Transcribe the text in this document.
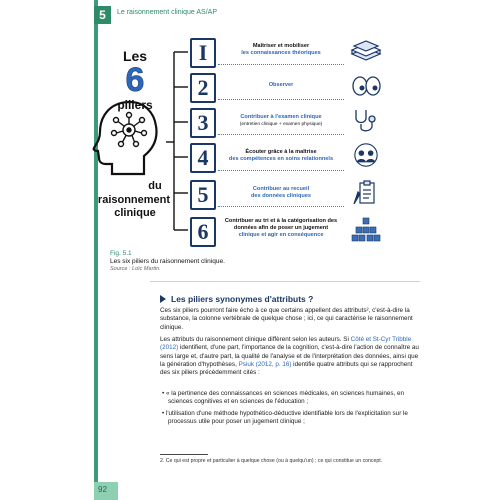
5	Le raisonnement clinique AS/AP
Les
6
piliers
du
raisonnement
clinique
I	Maîtriser et mobiliser
les connaissances théoriques
2	Observer
3	Contribuer à l'examen clinique
(entretien clinique + examen physique)
4	Écouter grâce à la maîtrise
des compétences en soins relationnels
5	Contribuer au recueil
des données cliniques
6	Contribuer au tri et à la catégorisation des
données afin de poser un jugement
clinique et agir en conséquence
Fig. 5.1
Les six piliers du raisonnement clinique.
Source : Loïc Martin.
Les piliers synonymes d'attributs ?
Ces six piliers pourront faire écho à ce que certains appellent des attributs², c'est-à-dire la substance, la colonne vertébrale de quelque chose ; ici, ce qui caractérise le raisonnement clinique.
Les attributs du raisonnement clinique diffèrent selon les auteurs. Si Côté et St-Cyr Tribble (2012) identifient, d'une part, l'importance de la cognition, c'est-à-dire l'action de connaître au sens large et, d'autre part, la qualité de l'analyse et de l'interprétation des données, ainsi que la génération d'hypothèses, Psiuk (2012, p. 16) identifie quatre attributs qui se rapprochent des six piliers précédemment cités :
• « la pertinence des connaissances en sciences médicales, en sciences humaines, en sciences cognitives et en sciences de l'éducation ;
• l'utilisation d'une méthode hypothético-déductive identifiable lors de l'explicitation sur le processus utile pour poser un jugement clinique ;
2. Ce qui est propre et particulier à quelque chose (ou à quelqu'un) ; ce qui constitue un concept.
92
